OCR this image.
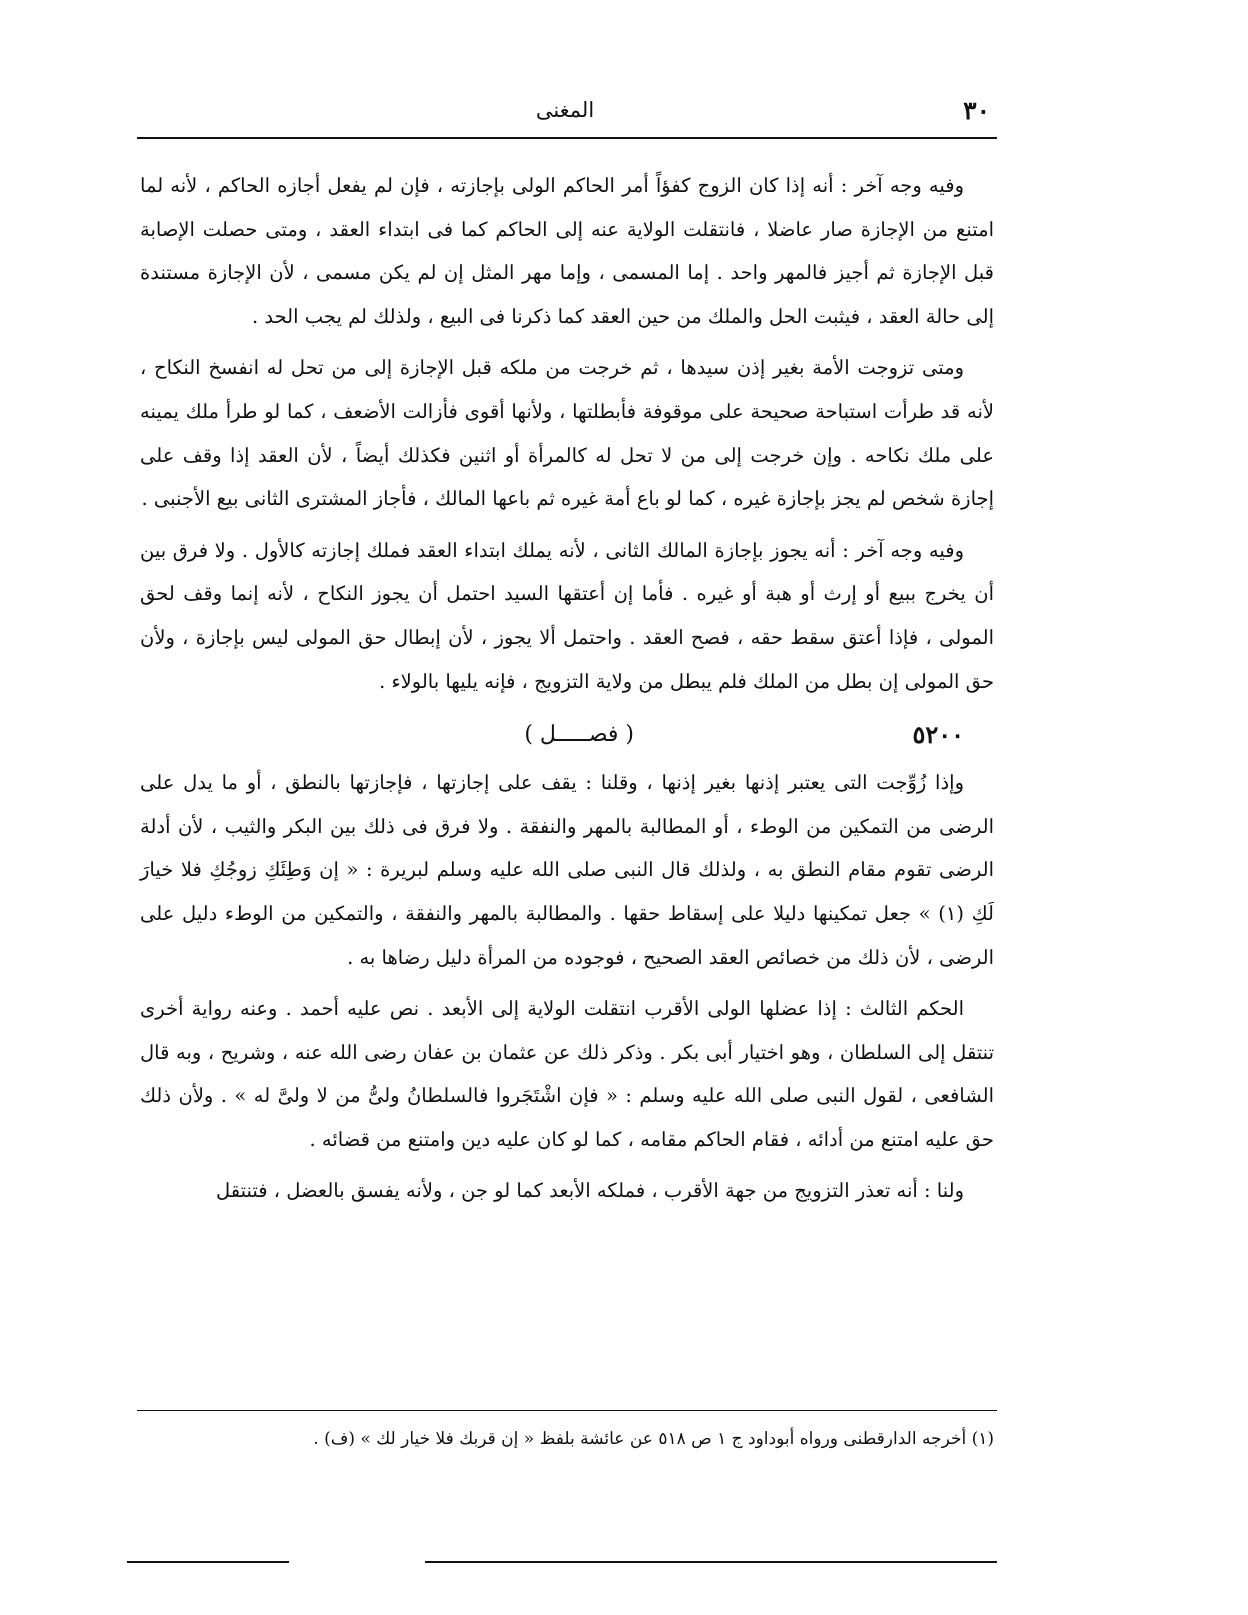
٣٠
المغنى

وفيه وجه آخر : أنه إذا كان الزوج كفؤاً أمر الحاكم الولى بإجازته ، فإن لم يفعل أجازه الحاكم ، لأنه لما امتنع من الإجازة صار عاضلا ، فانتقلت الولاية عنه إلى الحاكم كما فى ابتداء العقد ، ومتى حصلت الإصابة قبل الإجازة ثم أجيز فالمهر واحد . إما المسمى ، وإما مهر المثل إن لم يكن مسمى ، لأن الإجازة مستندة إلى حالة العقد ، فيثبت الحل والملك من حين العقد كما ذكرنا فى البيع ، ولذلك لم يجب الحد .

ومتى تزوجت الأمة بغير إذن سيدها ، ثم خرجت من ملكه قبل الإجازة إلى من تحل له انفسخ النكاح ، لأنه قد طرأت استباحة صحيحة على موقوفة فأبطلتها ، ولأنها أقوى فأزالت الأضعف ، كما لو طرأ ملك يمينه على ملك نكاحه . وإن خرجت إلى من لا تحل له كالمرأة أو اثنين فكذلك أيضاً ، لأن العقد إذا وقف على إجازة شخص لم يجز بإجازة غيره ، كما لو باع أمة غيره ثم باعها المالك ، فأجاز المشترى الثانى بيع الأجنبى .

وفيه وجه آخر : أنه يجوز بإجازة المالك الثانى ، لأنه يملك ابتداء العقد فملك إجازته كالأول . ولا فرق بين أن يخرج ببيع أو إرث أو هبة أو غيره . فأما إن أعتقها السيد احتمل أن يجوز النكاح ، لأنه إنما وقف لحق المولى ، فإذا أعتق سقط حقه ، فصح العقد . واحتمل ألا يجوز ، لأن إبطال حق المولى ليس بإجازة ، ولأن حق المولى إن بطل من الملك فلم يبطل من ولاية التزويج ، فإنه يليها بالولاء .

٥٢٠٠
( فصـــــل )

وإذا زُوِّجت التى يعتبر إذنها بغير إذنها ، وقلنا : يقف على إجازتها ، فإجازتها بالنطق ، أو ما يدل على الرضى من التمكين من الوطء ، أو المطالبة بالمهر والنفقة . ولا فرق فى ذلك بين البكر والثيب ، لأن أدلة الرضى تقوم مقام النطق به ، ولذلك قال النبى صلى الله عليه وسلم لبريرة : « إن وَطِئَكِ زوجُكِ فلا خيارَ لَكِ (١) » جعل تمكينها دليلا على إسقاط حقها . والمطالبة بالمهر والنفقة ، والتمكين من الوطء دليل على الرضى ، لأن ذلك من خصائص العقد الصحيح ، فوجوده من المرأة دليل رضاها به .

الحكم الثالث : إذا عضلها الولى الأقرب انتقلت الولاية إلى الأبعد . نص عليه أحمد . وعنه رواية أخرى تنتقل إلى السلطان ، وهو اختيار أبى بكر . وذكر ذلك عن عثمان بن عفان رضى الله عنه ، وشريح ، وبه قال الشافعى ، لقول النبى صلى الله عليه وسلم : « فإن اشْتَجَروا فالسلطانُ ولىُّ من لا ولىَّ له » . ولأن ذلك حق عليه امتنع من أدائه ، فقام الحاكم مقامه ، كما لو كان عليه دين وامتنع من قضائه .

ولنا : أنه تعذر التزويج من جهة الأقرب ، فملكه الأبعد كما لو جن ، ولأنه يفسق بالعضل ، فتنتقل

(١) أخرجه الدارقطنى ورواه أبوداود ج ١ ص ٥١٨ عن عائشة بلفظ « إن قربك فلا خيار لك » (ف) .
